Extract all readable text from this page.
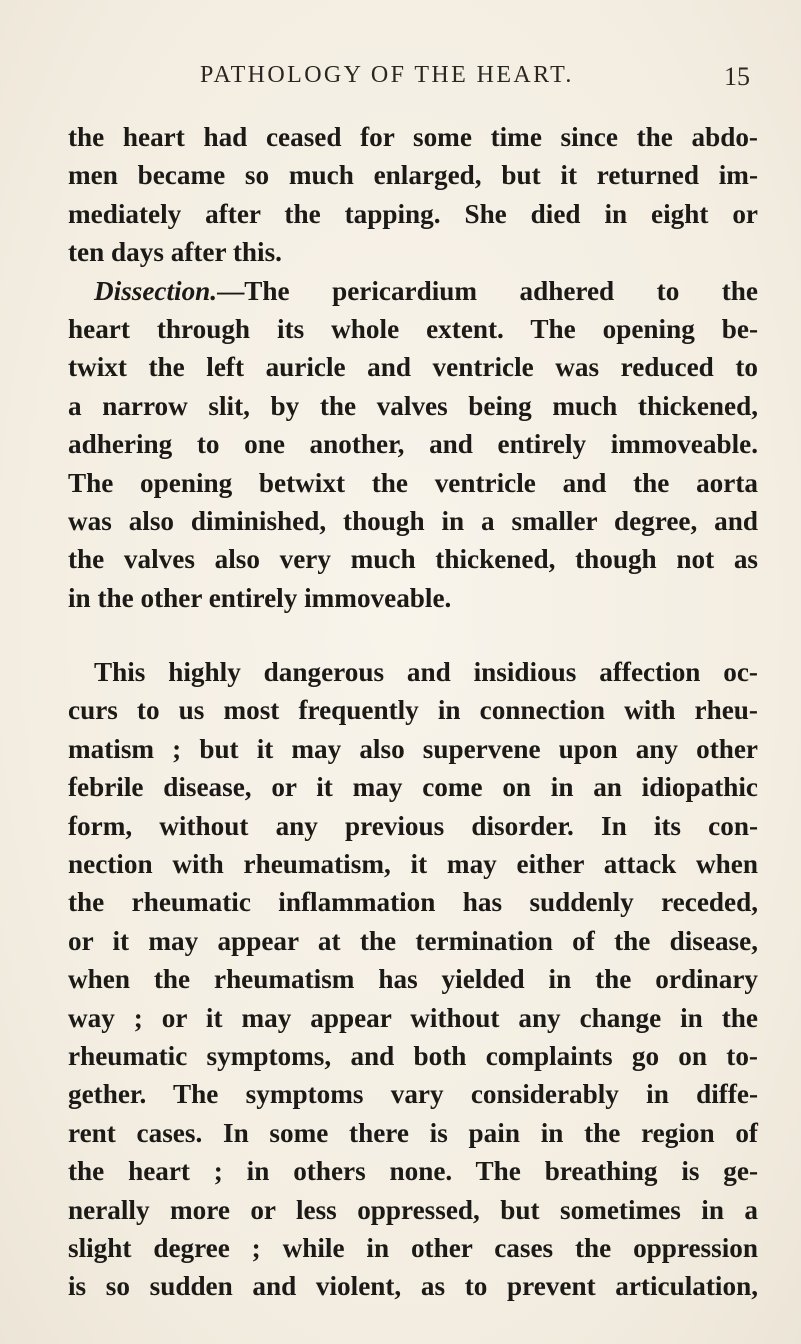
PATHOLOGY OF THE HEART.	15
the heart had ceased for some time since the abdo-
men became so much enlarged, but it returned im-
mediately after the tapping. She died in eight or
ten days after this.
Dissection.—The pericardium adhered to the
heart through its whole extent. The opening be-
twixt the left auricle and ventricle was reduced to
a narrow slit, by the valves being much thickened,
adhering to one another, and entirely immoveable.
The opening betwixt the ventricle and the aorta
was also diminished, though in a smaller degree, and
the valves also very much thickened, though not as
in the other entirely immoveable.
This highly dangerous and insidious affection oc-
curs to us most frequently in connection with rheu-
matism ; but it may also supervene upon any other
febrile disease, or it may come on in an idiopathic
form, without any previous disorder. In its con-
nection with rheumatism, it may either attack when
the rheumatic inflammation has suddenly receded,
or it may appear at the termination of the disease,
when the rheumatism has yielded in the ordinary
way ; or it may appear without any change in the
rheumatic symptoms, and both complaints go on to-
gether. The symptoms vary considerably in diffe-
rent cases. In some there is pain in the region of
the heart ; in others none. The breathing is ge-
nerally more or less oppressed, but sometimes in a
slight degree ; while in other cases the oppression
is so sudden and violent, as to prevent articulation,
